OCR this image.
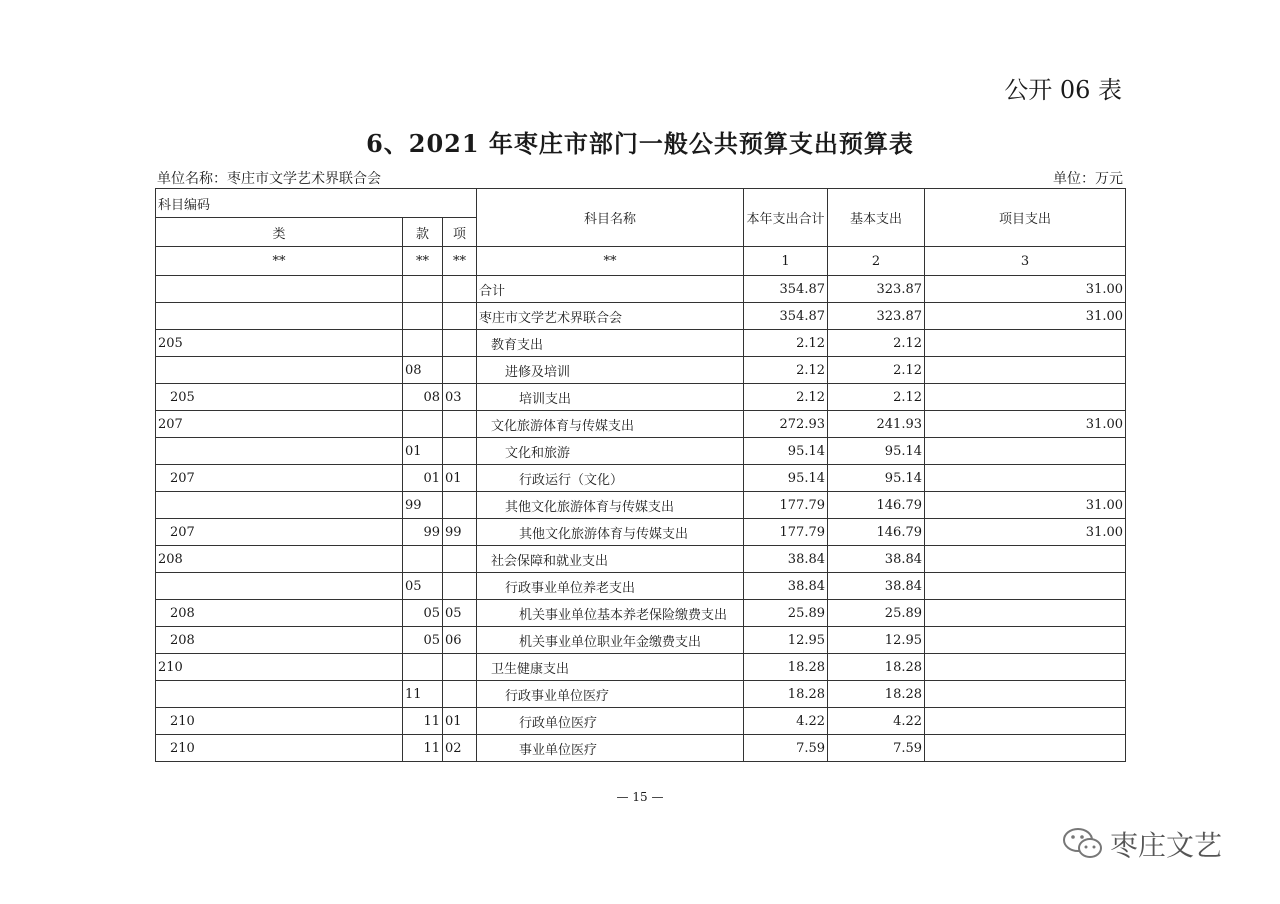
公开 06 表
6、2021 年枣庄市部门一般公共预算支出预算表
单位名称：枣庄市文学艺术界联合会	单位：万元
科目编码			科目名称	本年支出合计	基本支出	项目支出
类	款	项				
**	**	**	**	1	2	3
			合计	354.87	323.87	31.00
			枣庄市文学艺术界联合会	354.87	323.87	31.00
205			教育支出	2.12	2.12	
	08		进修及培训	2.12	2.12	
205	08	03	培训支出	2.12	2.12	
207			文化旅游体育与传媒支出	272.93	241.93	31.00
	01		文化和旅游	95.14	95.14	
207	01	01	行政运行（文化）	95.14	95.14	
	99		其他文化旅游体育与传媒支出	177.79	146.79	31.00
207	99	99	其他文化旅游体育与传媒支出	177.79	146.79	31.00
208			社会保障和就业支出	38.84	38.84	
	05		行政事业单位养老支出	38.84	38.84	
208	05	05	机关事业单位基本养老保险缴费支出	25.89	25.89	
208	05	06	机关事业单位职业年金缴费支出	12.95	12.95	
210			卫生健康支出	18.28	18.28	
	11		行政事业单位医疗	18.28	18.28	
210	11	01	行政单位医疗	4.22	4.22	
210	11	02	事业单位医疗	7.59	7.59	
— 15 —
枣庄文艺
